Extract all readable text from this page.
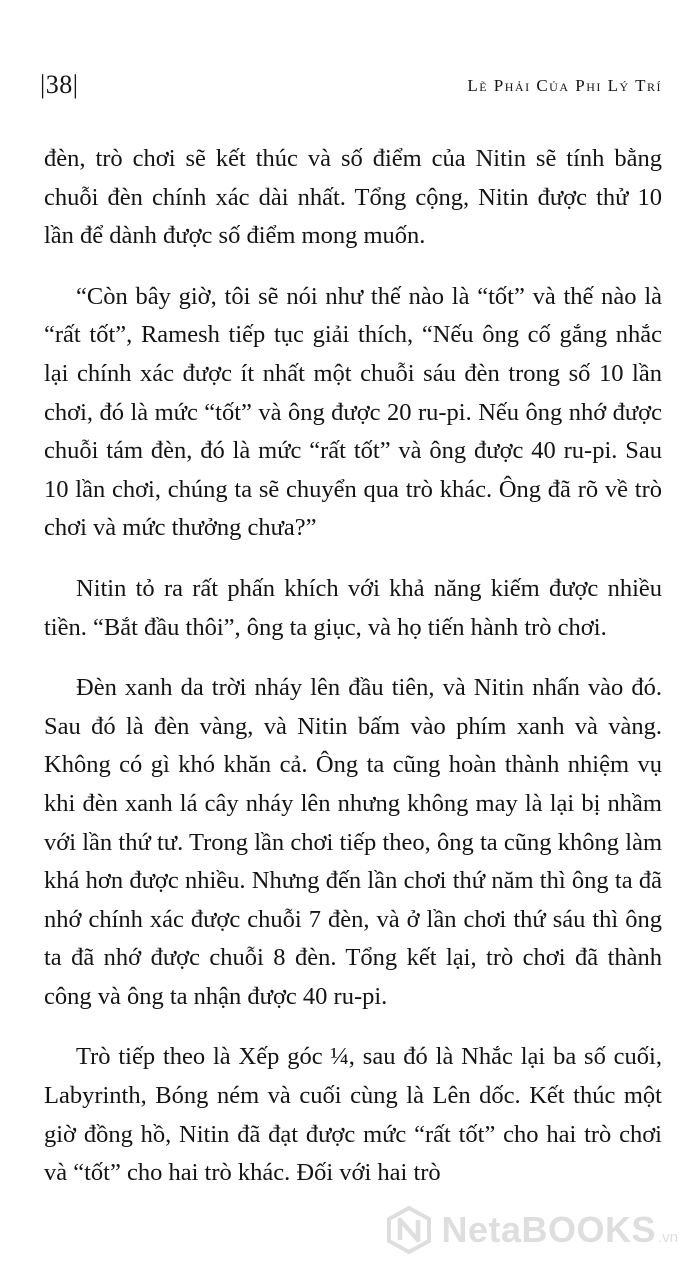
|38|	Lẽ Phải Của Phi Lý Trí

đèn, trò chơi sẽ kết thúc và số điểm của Nitin sẽ tính bằng chuỗi đèn chính xác dài nhất. Tổng cộng, Nitin được thử 10 lần để dành được số điểm mong muốn.

“Còn bây giờ, tôi sẽ nói như thế nào là “tốt” và thế nào là “rất tốt”, Ramesh tiếp tục giải thích, “Nếu ông cố gắng nhắc lại chính xác được ít nhất một chuỗi sáu đèn trong số 10 lần chơi, đó là mức “tốt” và ông được 20 ru-pi. Nếu ông nhớ được chuỗi tám đèn, đó là mức “rất tốt” và ông được 40 ru-pi. Sau 10 lần chơi, chúng ta sẽ chuyển qua trò khác. Ông đã rõ về trò chơi và mức thưởng chưa?”

Nitin tỏ ra rất phấn khích với khả năng kiếm được nhiều tiền. “Bắt đầu thôi”, ông ta giục, và họ tiến hành trò chơi.

Đèn xanh da trời nháy lên đầu tiên, và Nitin nhấn vào đó. Sau đó là đèn vàng, và Nitin bấm vào phím xanh và vàng. Không có gì khó khăn cả. Ông ta cũng hoàn thành nhiệm vụ khi đèn xanh lá cây nháy lên nhưng không may là lại bị nhầm với lần thứ tư. Trong lần chơi tiếp theo, ông ta cũng không làm khá hơn được nhiều. Nhưng đến lần chơi thứ năm thì ông ta đã nhớ chính xác được chuỗi 7 đèn, và ở lần chơi thứ sáu thì ông ta đã nhớ được chuỗi 8 đèn. Tổng kết lại, trò chơi đã thành công và ông ta nhận được 40 ru-pi.

Trò tiếp theo là Xếp góc ¼, sau đó là Nhắc lại ba số cuối, Labyrinth, Bóng ném và cuối cùng là Lên dốc. Kết thúc một giờ đồng hồ, Nitin đã đạt được mức “rất tốt” cho hai trò chơi và “tốt” cho hai trò khác. Đối với hai trò

NetaBOOKS .vn
